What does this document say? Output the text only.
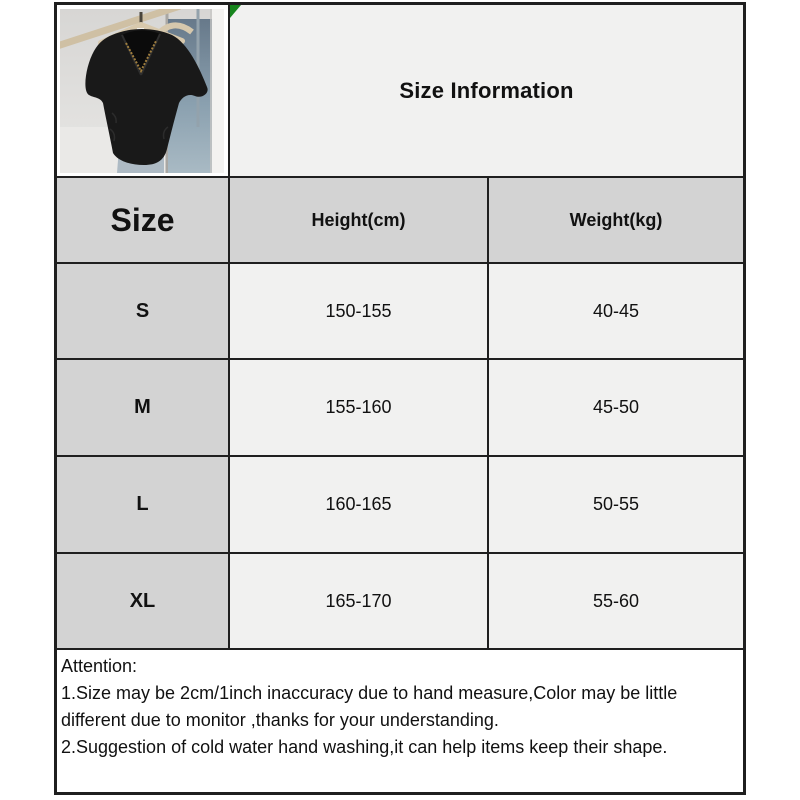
Size Information
Size	Height(cm)	Weight(kg)
S	150-155	40-45
M	155-160	45-50
L	160-165	50-55
XL	165-170	55-60
Attention:
1.Size may be 2cm/1inch inaccuracy due to hand measure,Color may be little different due to monitor ,thanks for your understanding.
2.Suggestion of cold water hand washing,it can help items keep their shape.
